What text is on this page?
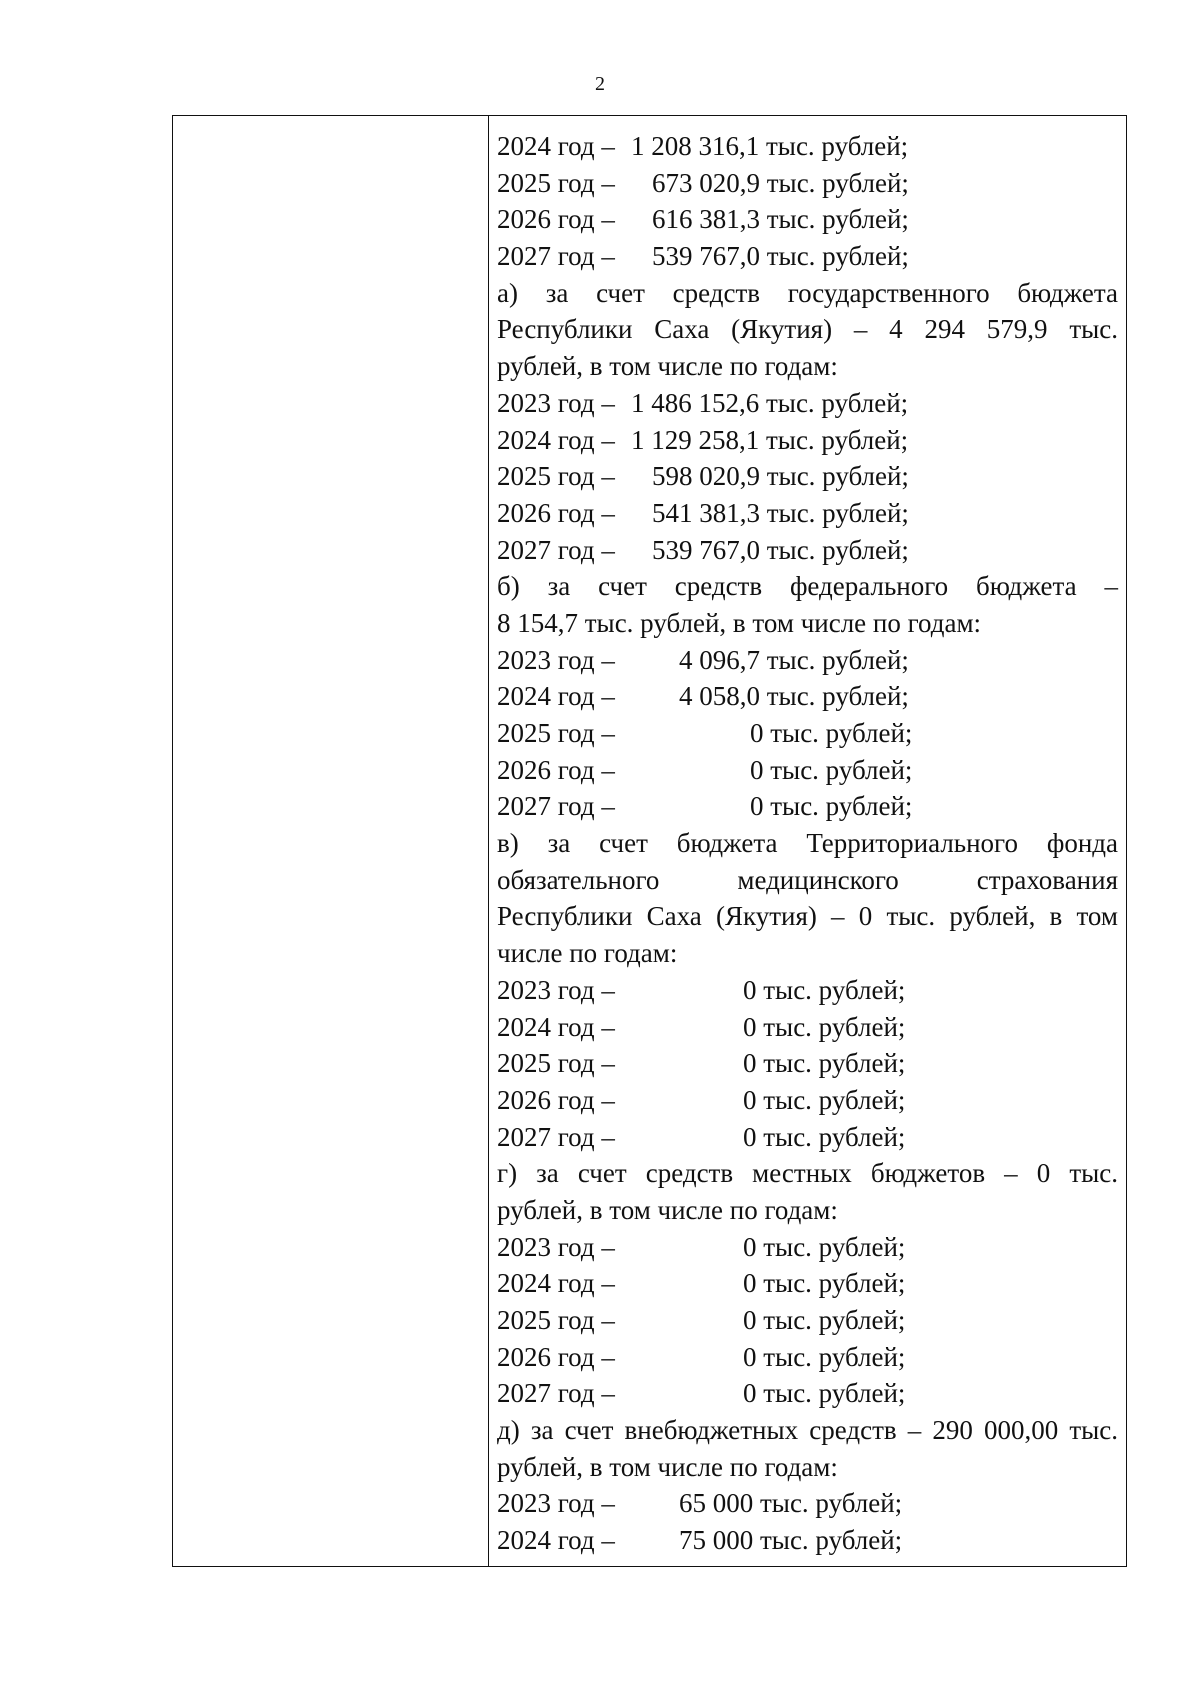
2
2024 год – 1 208 316,1 тыс. рублей;
2025 год – 673 020,9 тыс. рублей;
2026 год – 616 381,3 тыс. рублей;
2027 год – 539 767,0 тыс. рублей;
а) за счет средств государственного бюджета
Республики Саха (Якутия) – 4 294 579,9 тыс.
рублей, в том числе по годам:
2023 год – 1 486 152,6 тыс. рублей;
2024 год – 1 129 258,1 тыс. рублей;
2025 год – 598 020,9 тыс. рублей;
2026 год – 541 381,3 тыс. рублей;
2027 год – 539 767,0 тыс. рублей;
б) за счет средств федерального бюджета –
8 154,7 тыс. рублей, в том числе по годам:
2023 год – 4 096,7 тыс. рублей;
2024 год – 4 058,0 тыс. рублей;
2025 год –	0 тыс. рублей;
2026 год –	0 тыс. рублей;
2027 год –	0 тыс. рублей;
в) за счет бюджета Территориального фонда
обязательного медицинского страхования
Республики Саха (Якутия) – 0 тыс. рублей, в том
числе по годам:
2023 год –	0 тыс. рублей;
2024 год –	0 тыс. рублей;
2025 год –	0 тыс. рублей;
2026 год –	0 тыс. рублей;
2027 год –	0 тыс. рублей;
г) за счет средств местных бюджетов – 0 тыс.
рублей, в том числе по годам:
2023 год –	0 тыс. рублей;
2024 год –	0 тыс. рублей;
2025 год –	0 тыс. рублей;
2026 год –	0 тыс. рублей;
2027 год –	0 тыс. рублей;
д) за счет внебюджетных средств – 290 000,00 тыс.
рублей, в том числе по годам:
2023 год – 65 000 тыс. рублей;
2024 год – 75 000 тыс. рублей;
